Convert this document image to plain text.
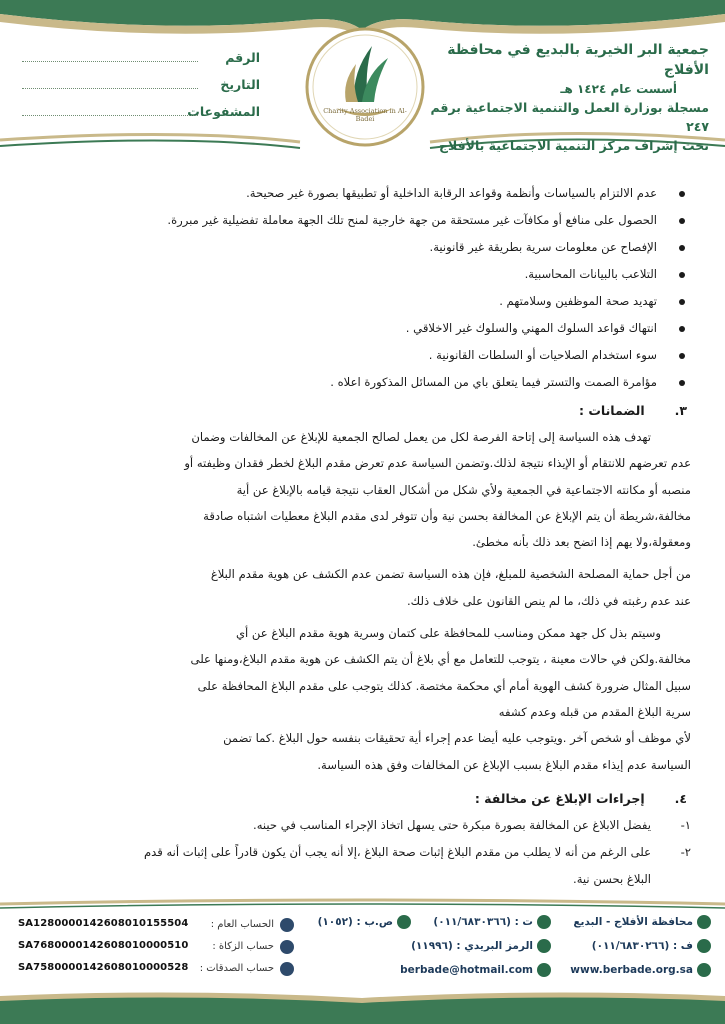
جمعية البر الخيرية بالبديع في محافظة الأفلاج
أسست عام ١٤٢٤ هـ
مسجلة بوزارة العمل والتنمية الاجتماعية برقم ٢٤٧
تحت إشراف مركز التنمية الاجتماعية بالأفلاج
Charity Association in Al-Badei
الرقم
التاريخ
المشفوعات
عدم الالتزام بالسياسات وأنظمة وقواعد الرقابة الداخلية أو تطبيقها بصورة غير صحيحة.
الحصول على منافع أو مكافآت غير مستحقة من جهة خارجية لمنح تلك الجهة معاملة تفضيلية غير مبررة.
الإفصاح عن معلومات سرية بطريقة غير قانونية.
التلاعب بالبيانات المحاسبية.
تهديد صحة الموظفين وسلامتهم .
انتهاك قواعد السلوك المهني والسلوك غير الاخلاقي .
سوء استخدام الصلاحيات أو السلطات القانونية .
مؤامرة الصمت والتستر فيما يتعلق باي من المسائل المذكورة اعلاه .
٣. الضمانات :
تهدف هذه السياسة إلى إتاحة الفرصة لكل من يعمل لصالح الجمعية للإبلاغ عن المخالفات وضمان
عدم تعرضهم للانتقام أو الإيذاء نتيجة لذلك.وتضمن السياسة عدم تعرض مقدم البلاغ لخطر فقدان وظيفته أو
منصبه أو مكانته الاجتماعية في الجمعية ولأي شكل من أشكال العقاب نتيجة قيامه بالإبلاغ عن أية
مخالفة،شريطة أن يتم الإبلاغ عن المخالفة بحسن نية وأن تتوفر لدى مقدم البلاغ معطيات اشتباه صادقة
ومعقولة،ولا يهم إذا اتضح بعد ذلك بأنه مخطئ.
من أجل حماية المصلحة الشخصية للمبلغ، فإن هذه السياسة تضمن عدم الكشف عن هوية مقدم البلاغ
عند عدم رغبته في ذلك، ما لم ينص القانون على خلاف ذلك.
وسيتم بذل كل جهد ممكن ومناسب للمحافظة على كتمان وسرية هوية مقدم البلاغ عن أي
مخالفة.ولكن في حالات معينة ، يتوجب للتعامل مع أي بلاغ أن يتم الكشف عن هوية مقدم البلاغ،ومنها على
سبيل المثال ضرورة كشف الهوية أمام أي محكمة مختصة. كذلك يتوجب على مقدم البلاغ المحافظة على
سرية البلاغ المقدم من قبله وعدم كشفه
لأي موظف أو شخص آخر .ويتوجب عليه أيضا عدم إجراء أية تحقيقات بنفسه حول البلاغ .كما تضمن
السياسة عدم إيذاء مقدم البلاغ بسبب الإبلاغ عن المخالفات وفق هذه السياسة.
٤. إجراءات الإبلاغ عن مخالفة :
١-
يفضل الابلاغ عن المخالفة بصورة مبكرة حتى يسهل اتخاذ الإجراء المناسب في حينه.
٢-
على الرغم من أنه لا يطلب من مقدم البلاغ إثبات صحة البلاغ ،إلا أنه يجب أن يكون قادراً على إثبات أنه قدم
البلاغ بحسن نية.
الحساب العام :
SA1280000142608010155504
حساب الزكاة :
SA7680000142608010000510
حساب الصدقات :
SA7580000142608010000528
محافظة الأفلاج - البديع
ت : (٠١١/٦٨٣٠٣٦٦)
ص.ب : (١٠٥٢)
ف : (٠١١/٦٨٣٠٢٦٦)
الرمز البريدي : (١١٩٩٦)
www.berbade.org.sa
berbade@hotmail.com
